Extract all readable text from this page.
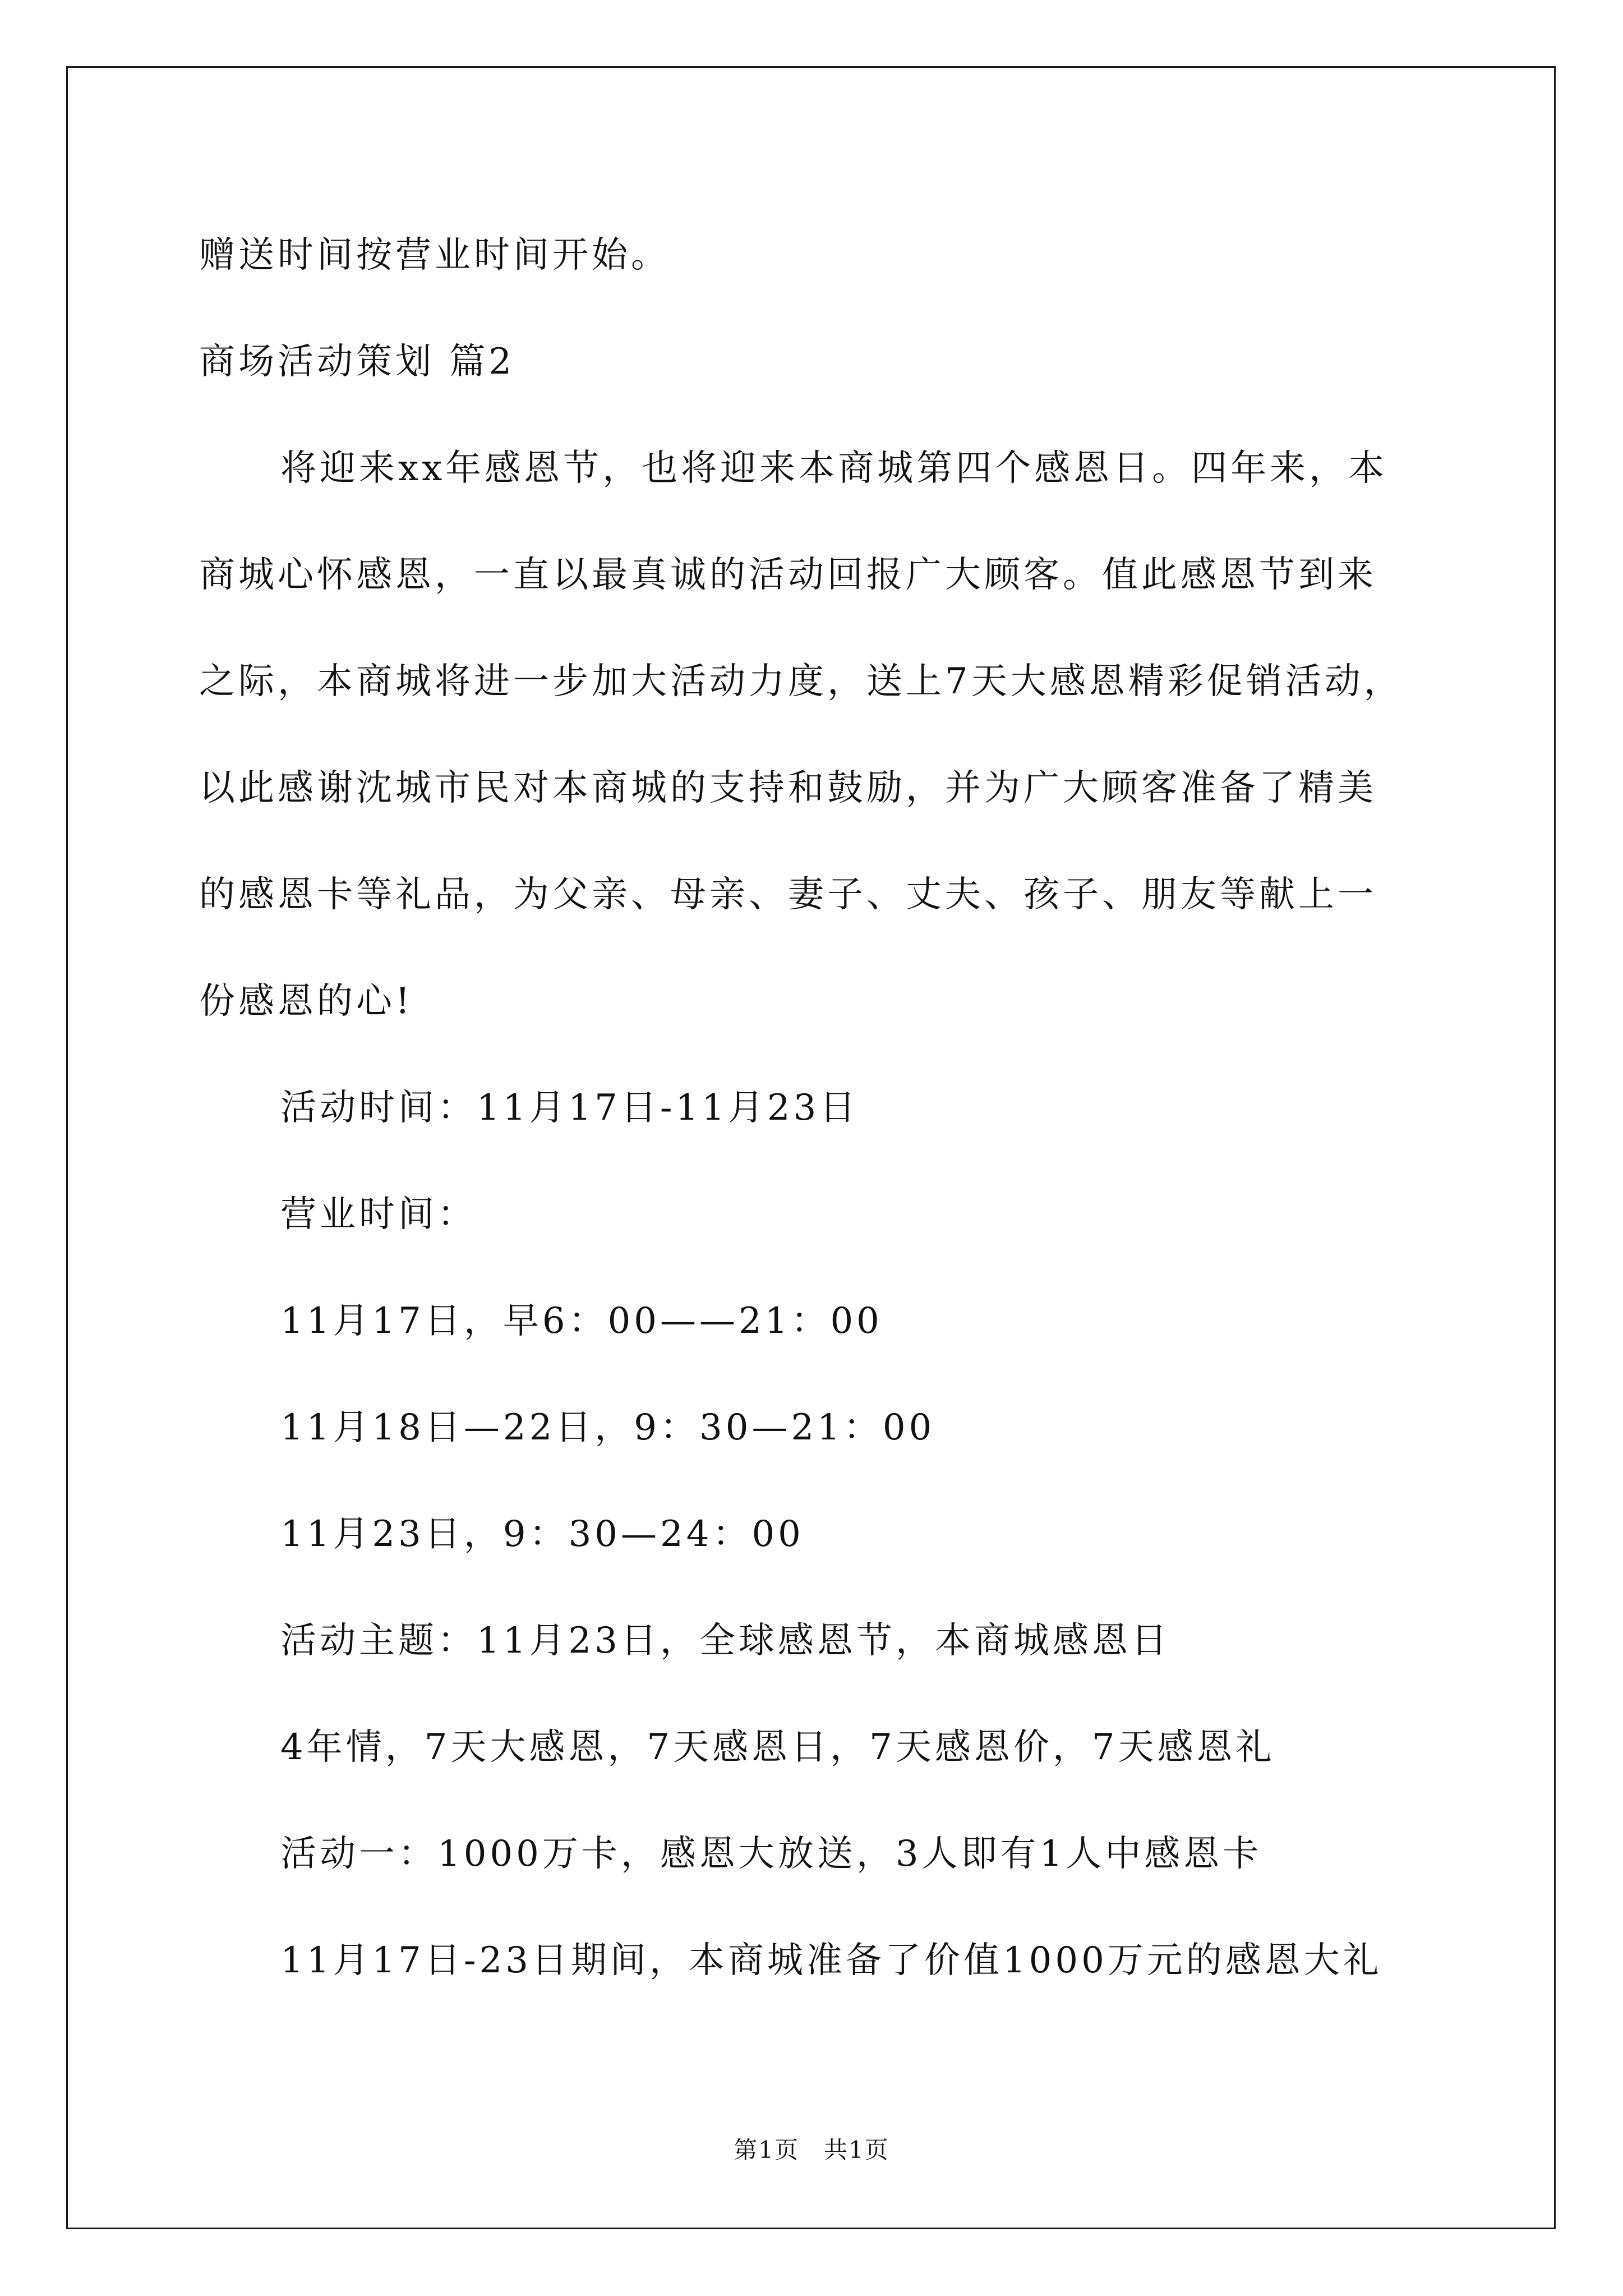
赠送时间按营业时间开始。
商场活动策划 篇2
将迎来xx年感恩节，也将迎来本商城第四个感恩日。四年来，本
商城心怀感恩，一直以最真诚的活动回报广大顾客。值此感恩节到来
之际，本商城将进一步加大活动力度，送上7天大感恩精彩促销活动，
以此感谢沈城市民对本商城的支持和鼓励，并为广大顾客准备了精美
的感恩卡等礼品，为父亲、母亲、妻子、丈夫、孩子、朋友等献上一
份感恩的心!
活动时间：11月17日-11月23日
营业时间：
11月17日，早6：00——21：00
11月18日—22日，9：30—21：00
11月23日，9：30—24：00
活动主题：11月23日，全球感恩节，本商城感恩日
4年情，7天大感恩，7天感恩日，7天感恩价，7天感恩礼
活动一：1000万卡，感恩大放送，3人即有1人中感恩卡
11月17日-23日期间，本商城准备了价值1000万元的感恩大礼
第1页　共1页
